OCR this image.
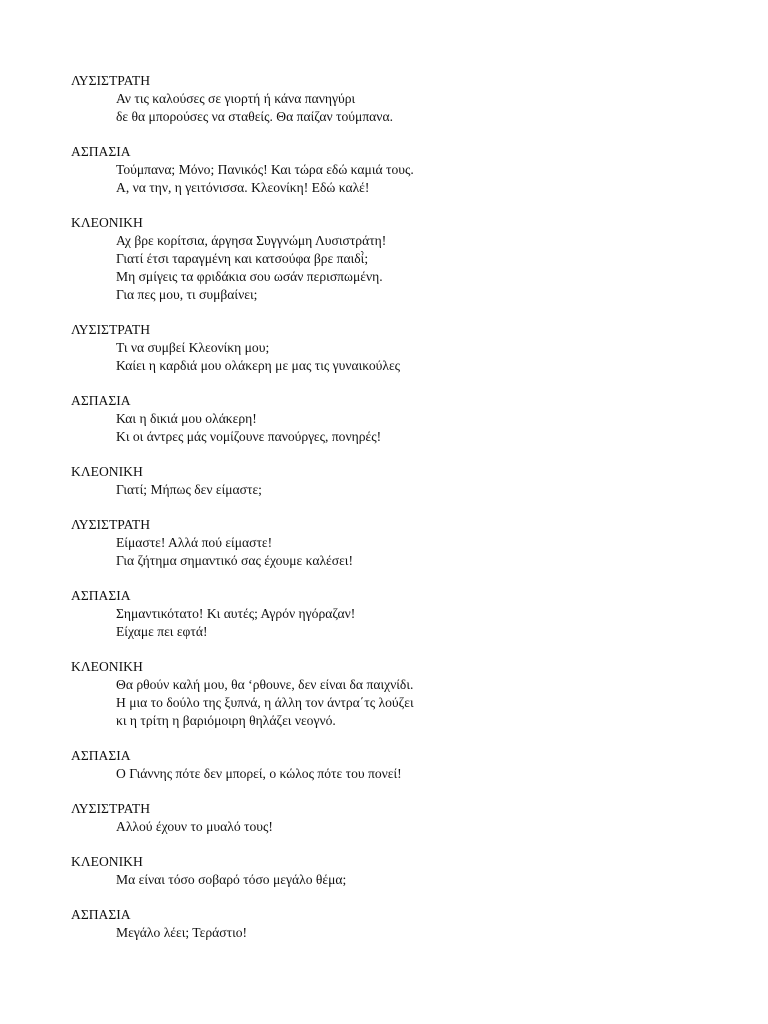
ΛΥΣΙΣΤΡΑΤΗ
Αν τις καλούσες σε γιορτή ή κάνα πανηγύρι
δε θα μπορούσες να σταθείς. Θα παίζαν τούμπανα.
ΑΣΠΑΣΙΑ
Τούμπανα; Μόνο; Πανικός! Και τώρα εδώ καμιά τους.
Α, να την, η γειτόνισσα. Κλεονίκη! Εδώ καλέ!
ΚΛΕΟΝΙΚΗ
Αχ βρε κορίτσια, άργησα Συγγνώμη Λυσιστράτη!
Γιατί έτσι ταραγμένη και κατσούφα βρε παιδί̀;
Μη σμίγεις τα φριδάκια σου ωσάν περισπωμένη.
Για πες μου, τι συμβαίνει;
ΛΥΣΙΣΤΡΑΤΗ
Τι να συμβεί Κλεονίκη μου;
Καίει η καρδιά μου ολάκερη με μας τις γυναικούλες
ΑΣΠΑΣΙΑ
Και η δικιά μου ολάκερη!
Κι οι άντρες μάς νομίζουνε πανούργες, πονηρές!
ΚΛΕΟΝΙΚΗ
Γιατί; Μήπως δεν είμαστε;
ΛΥΣΙΣΤΡΑΤΗ
Είμαστε! Αλλά πού είμαστε!
Για ζήτημα σημαντικό σας έχουμε καλέσει!
ΑΣΠΑΣΙΑ
Σημαντικότατο! Κι αυτές; Αγρόν ηγόραζαν!
Είχαμε πει εφτά!
ΚΛΕΟΝΙΚΗ
Θα ρθούν καλή μου, θα ‘ρθουνε, δεν είναι δα παιχνίδι.
Η μια το δούλο της ξυπνά, η άλλη τον άντρα΄τς λούζει
κι η τρίτη η βαριόμοιρη θηλάζει νεογνό.
ΑΣΠΑΣΙΑ
Ο Γιάννης πότε δεν μπορεί, ο κώλος πότε του πονεί!
ΛΥΣΙΣΤΡΑΤΗ
Αλλού έχουν το μυαλό τους!
ΚΛΕΟΝΙΚΗ
Μα είναι τόσο σοβαρό τόσο μεγάλο θέμα;
ΑΣΠΑΣΙΑ
Μεγάλο λέει; Τεράστιο!
